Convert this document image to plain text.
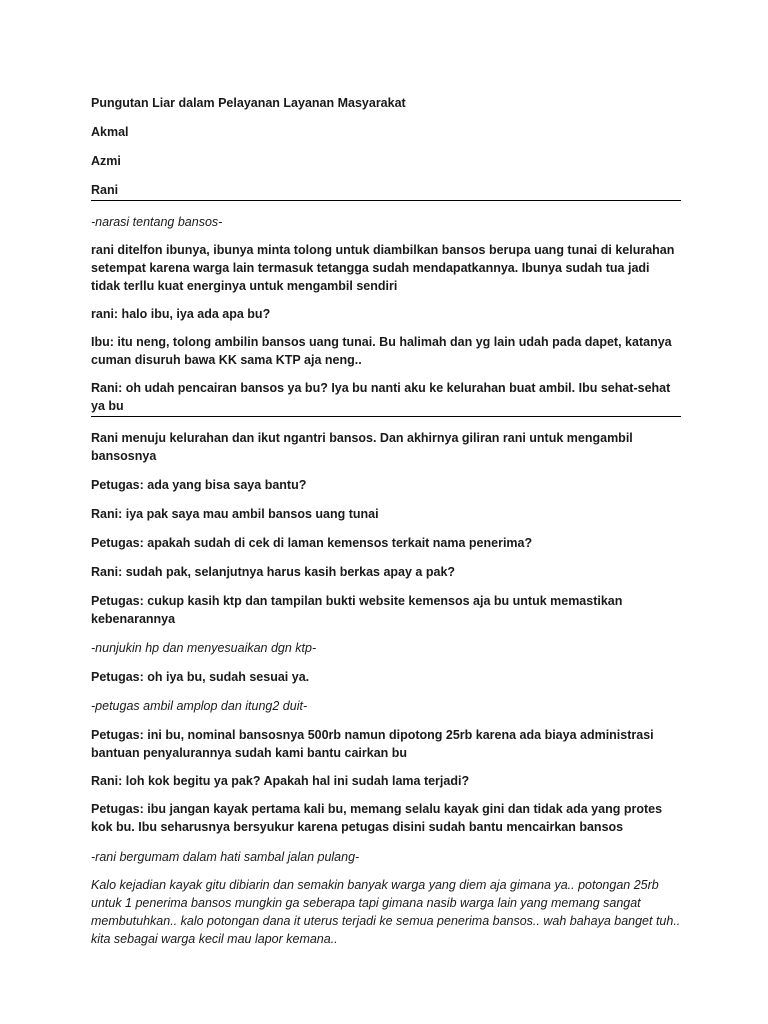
Pungutan Liar dalam Pelayanan Layanan Masyarakat

Akmal

Azmi

Rani

-narasi tentang bansos-

rani ditelfon ibunya, ibunya minta tolong untuk diambilkan bansos berupa uang tunai di kelurahan setempat karena warga lain termasuk tetangga sudah mendapatkannya. Ibunya sudah tua jadi tidak terllu kuat energinya untuk mengambil sendiri

rani: halo ibu, iya ada apa bu?

Ibu: itu neng, tolong ambilin bansos uang tunai. Bu halimah dan yg lain udah pada dapet, katanya cuman disuruh bawa KK sama KTP aja neng..

Rani: oh udah pencairan bansos ya bu? Iya bu nanti aku ke kelurahan buat ambil. Ibu sehat-sehat ya bu

Rani menuju kelurahan dan ikut ngantri bansos. Dan akhirnya giliran rani untuk mengambil bansosnya

Petugas: ada yang bisa saya bantu?

Rani: iya pak saya mau ambil bansos uang tunai

Petugas: apakah sudah di cek di laman kemensos terkait nama penerima?

Rani: sudah pak, selanjutnya harus kasih berkas apay a pak?

Petugas: cukup kasih ktp dan tampilan bukti website kemensos aja bu untuk memastikan kebenarannya

-nunjukin hp dan menyesuaikan dgn ktp-

Petugas: oh iya bu, sudah sesuai ya.

-petugas ambil amplop dan itung2 duit-

Petugas: ini bu, nominal bansosnya 500rb namun dipotong 25rb karena ada biaya administrasi bantuan penyalurannya sudah kami bantu cairkan bu

Rani: loh kok begitu ya pak? Apakah hal ini sudah lama terjadi?

Petugas: ibu jangan kayak pertama kali bu, memang selalu kayak gini dan tidak ada yang protes kok bu. Ibu seharusnya bersyukur karena petugas disini sudah bantu mencairkan bansos

-rani bergumam dalam hati sambal jalan pulang-

Kalo kejadian kayak gitu dibiarin dan semakin banyak warga yang diem aja gimana ya.. potongan 25rb untuk 1 penerima bansos mungkin ga seberapa tapi gimana nasib warga lain yang memang sangat membutuhkan.. kalo potongan dana it uterus terjadi ke semua penerima bansos.. wah bahaya banget tuh.. kita sebagai warga kecil mau lapor kemana..
